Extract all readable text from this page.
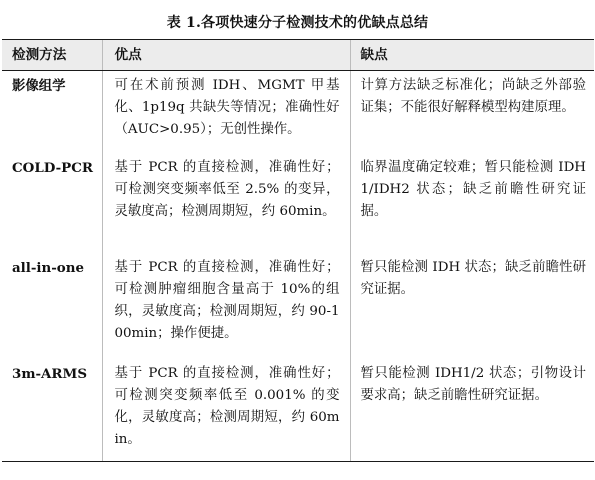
表 1.各项快速分子检测技术的优缺点总结
检测方法	优点	缺点
影像组学	可在术前预测 IDH、MGMT 甲基化、1p19q 共缺失等情况；准确性好（AUC>0.95）；无创性操作。	计算方法缺乏标准化；尚缺乏外部验证集；不能很好解释模型构建原理。
COLD-PCR	基于 PCR 的直接检测，准确性好；可检测突变频率低至 2.5% 的变异，灵敏度高；检测周期短，约 60min。	临界温度确定较难；暂只能检测 IDH1/IDH2 状态；缺乏前瞻性研究证据。
all-in-one	基于 PCR 的直接检测，准确性好；可检测肿瘤细胞含量高于 10%的组织，灵敏度高；检测周期短，约 90-100min；操作便捷。	暂只能检测 IDH 状态；缺乏前瞻性研究证据。
3m-ARMS	基于 PCR 的直接检测，准确性好；可检测突变频率低至 0.001% 的变化，灵敏度高；检测周期短，约 60min。	暂只能检测 IDH1/2 状态；引物设计要求高；缺乏前瞻性研究证据。
